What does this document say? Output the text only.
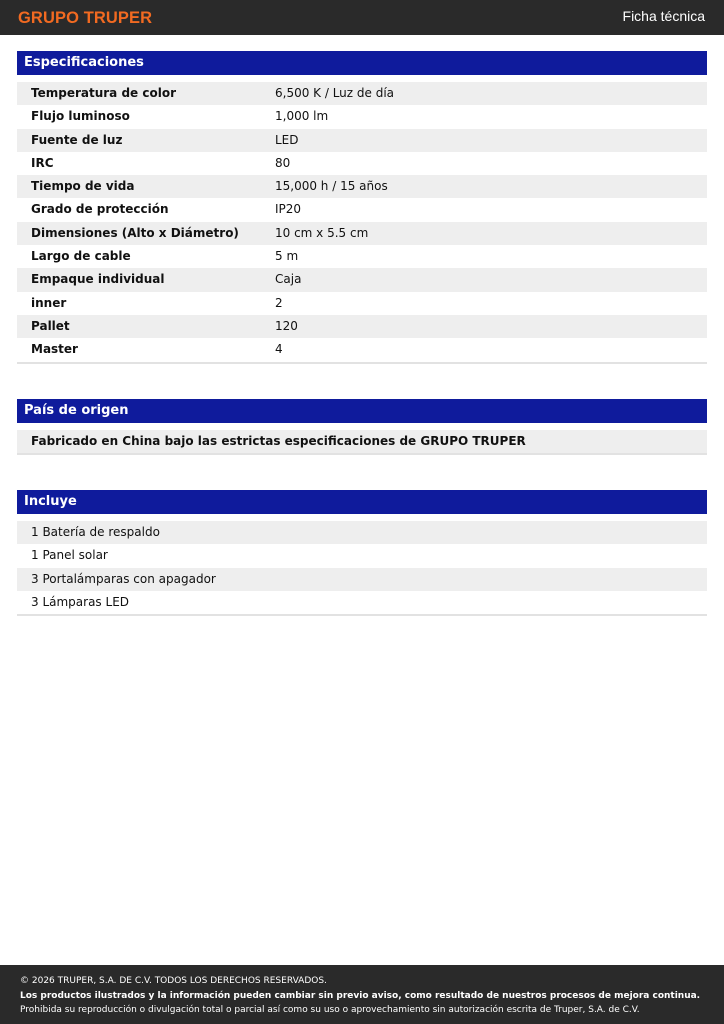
GRUPO TRUPER	Ficha técnica
Especificaciones
Temperatura de color	6,500 K / Luz de día
Flujo luminoso	1,000 lm
Fuente de luz	LED
IRC	80
Tiempo de vida	15,000 h / 15 años
Grado de protección	IP20
Dimensiones (Alto x Diámetro)	10 cm x 5.5 cm
Largo de cable	5 m
Empaque individual	Caja
inner	2
Pallet	120
Master	4
País de origen
Fabricado en China bajo las estrictas especificaciones de GRUPO TRUPER
Incluye
1 Batería de respaldo
1 Panel solar
3 Portalámparas con apagador
3 Lámparas LED
© 2026 TRUPER, S.A. DE C.V. TODOS LOS DERECHOS RESERVADOS.
Los productos ilustrados y la información pueden cambiar sin previo aviso, como resultado de nuestros procesos de mejora continua.
Prohibida su reproducción o divulgación total o parcial así como su uso o aprovechamiento sin autorización escrita de Truper, S.A. de C.V.
